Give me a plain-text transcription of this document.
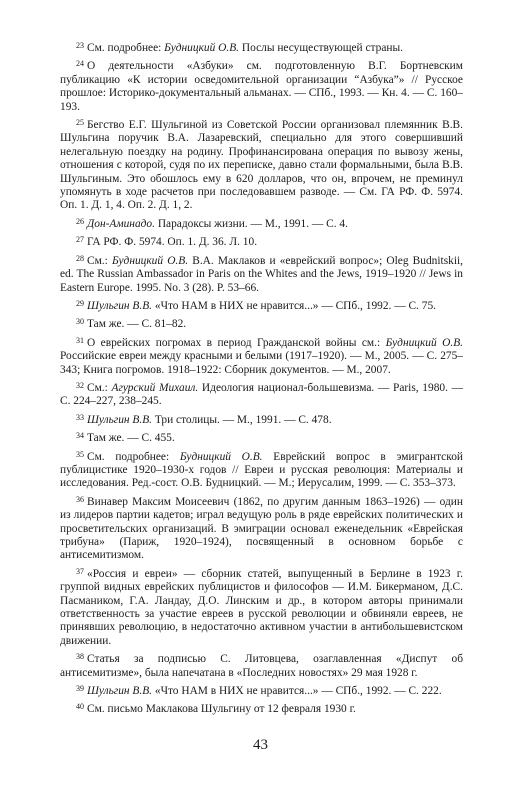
$^{23}$ См. подробнее: Будницкий О.В. Послы несуществующей страны.

$^{24}$ О деятельности «Азбуки» см. подготовленную В.Г. Бортневским публикацию «К истории осведомительной организации “Азбука”» // Русское прошлое: Историко-документальный альманах. — СПб., 1993. — Кн. 4. — С. 160–193.

$^{25}$ Бегство Е.Г. Шульгиной из Советской России организовал племянник В.В. Шульгина поручик В.А. Лазаревский, специально для этого совершивший нелегальную поездку на родину. Профинансирована операция по вывозу жены, отношения с которой, судя по их переписке, давно стали формальными, была В.В. Шульгиным. Это обошлось ему в 620 долларов, что он, впрочем, не преминул упомянуть в ходе расчетов при последовавшем разводе. — См. ГА РФ. Ф. 5974. Оп. 1. Д. 1, 4. Оп. 2. Д. 1, 2.

$^{26}$ Дон-Аминадо. Парадоксы жизни. — М., 1991. — С. 4.

$^{27}$ ГА РФ. Ф. 5974. Оп. 1. Д. 36. Л. 10.

$^{28}$ См.: Будницкий О.В. В.А. Маклаков и «еврейский вопрос»; Oleg Budnitskii, ed. The Russian Ambassador in Paris on the Whites and the Jews, 1919–1920 // Jews in Eastern Europe. 1995. No. 3 (28). P. 53–66.

$^{29}$ Шульгин В.В. «Что НАМ в НИХ не нравится...» — СПб., 1992. — С. 75.

$^{30}$ Там же. — С. 81–82.

$^{31}$ О еврейских погромах в период Гражданской войны см.: Будницкий О.В. Российские евреи между красными и белыми (1917–1920). — М., 2005. — С. 275–343; Книга погромов. 1918–1922: Сборник документов. — М., 2007.

$^{32}$ См.: Агурский Михаил. Идеология национал-большевизма. — Paris, 1980. — С. 224–227, 238–245.

$^{33}$ Шульгин В.В. Три столицы. — М., 1991. — С. 478.

$^{34}$ Там же. — С. 455.

$^{35}$ См. подробнее: Будницкий О.В. Еврейский вопрос в эмигрантской публицистике 1920–1930-х годов // Евреи и русская революция: Материалы и исследования. Ред.-сост. О.В. Будницкий. — М.; Иерусалим, 1999. — С. 353–373.

$^{36}$ Винавер Максим Моисеевич (1862, по другим данным 1863–1926) — один из лидеров партии кадетов; играл ведущую роль в ряде еврейских политических и просветительских организаций. В эмиграции основал еженедельник «Еврейская трибуна» (Париж, 1920–1924), посвященный в основном борьбе с антисемитизмом.

$^{37}$ «Россия и евреи» — сборник статей, выпущенный в Берлине в 1923 г. группой видных еврейских публицистов и философов — И.М. Бикерманом, Д.С. Пасмаником, Г.А. Ландау, Д.О. Линским и др., в котором авторы принимали ответственность за участие евреев в русской революции и обвиняли евреев, не принявших революцию, в недостаточно активном участии в антибольшевистском движении.

$^{38}$ Статья за подписью С. Литовцева, озаглавленная «Диспут об антисемитизме», была напечатана в «Последних новостях» 29 мая 1928 г.

$^{39}$ Шульгин В.В. «Что НАМ в НИХ не нравится...» — СПб., 1992. — С. 222.

$^{40}$ См. письмо Маклакова Шульгину от 12 февраля 1930 г.

43
